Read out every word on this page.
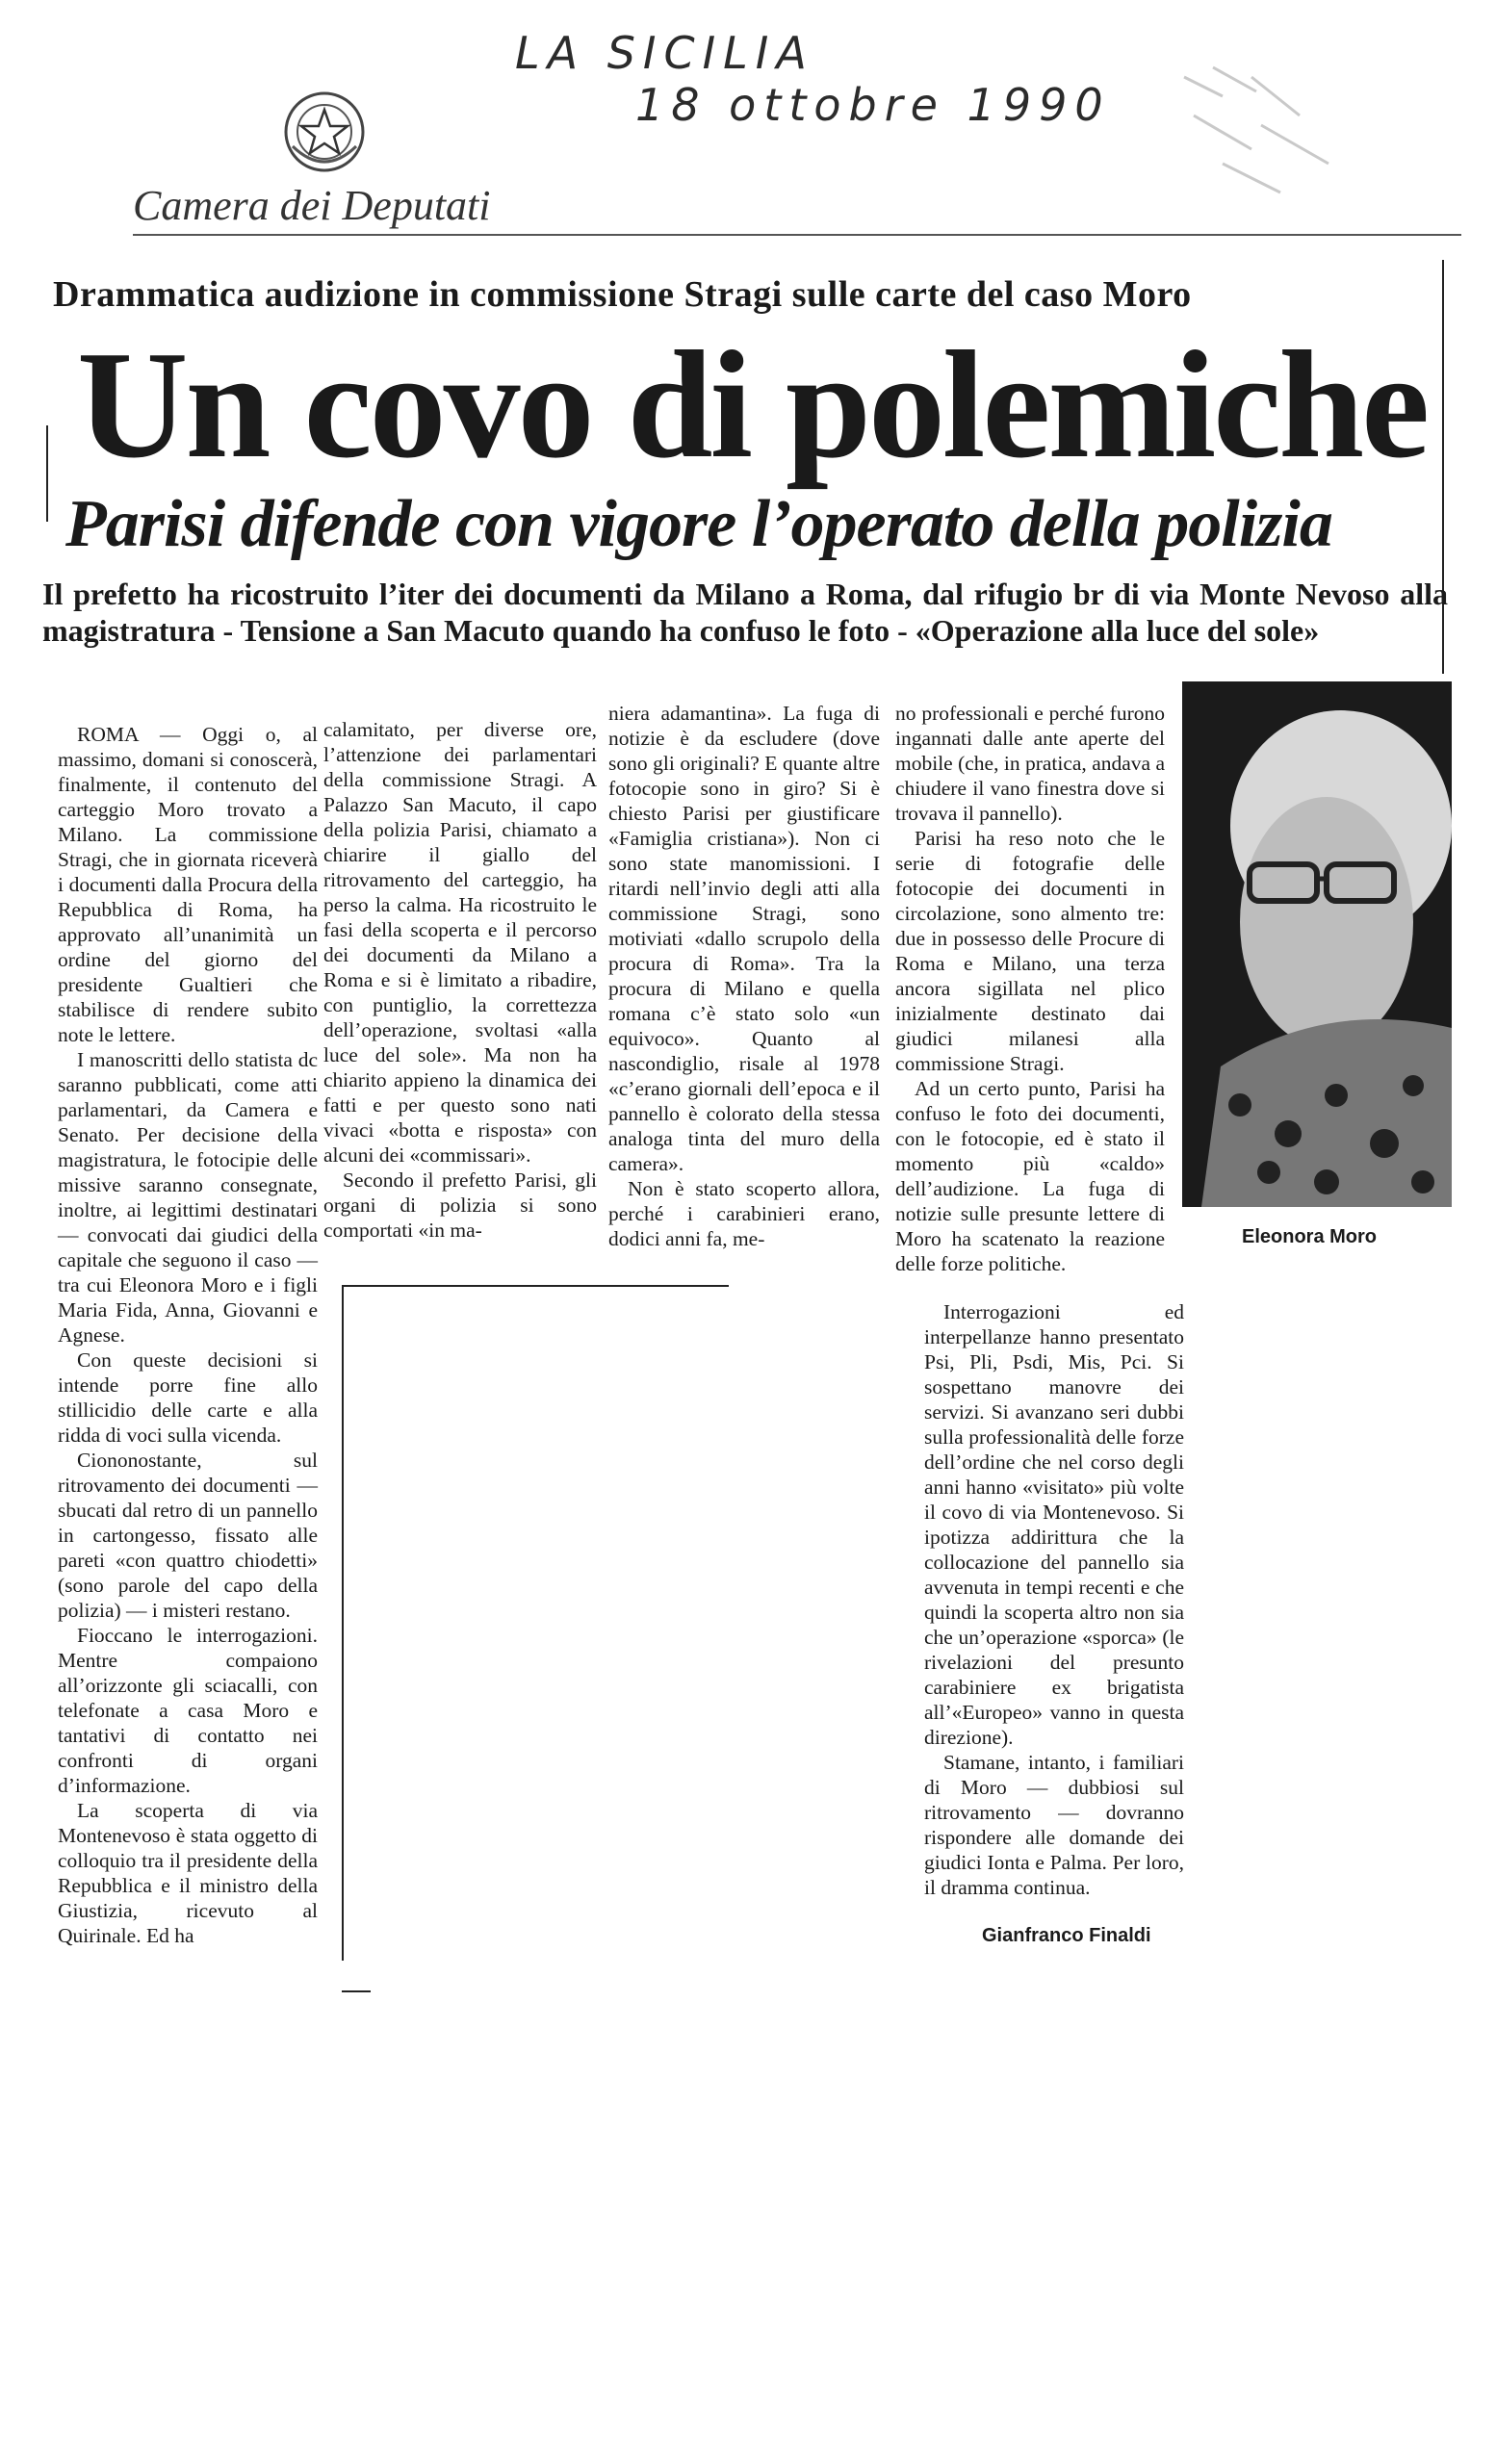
LA SICILIA
18 ottobre 1990
Camera dei Deputati
Drammatica audizione in commissione Stragi sulle carte del caso Moro
Un covo di polemiche
Parisi difende con vigore l’operato della polizia
Il prefetto ha ricostruito l’iter dei documenti da Milano a Roma, dal rifugio br di via Monte Nevoso alla magistratura - Tensione a San Macuto quando ha confuso le foto - «Operazione alla luce del sole»

ROMA — Oggi o, al massimo, domani si conoscerà, finalmente, il contenuto del carteggio Moro trovato a Milano. La commissione Stragi, che in giornata riceverà i documenti dalla Procura della Repubblica di Roma, ha approvato all’unanimità un ordine del giorno del presidente Gualtieri che stabilisce di rendere subito note le lettere.

I manoscritti dello statista dc saranno pubblicati, come atti parlamentari, da Camera e Senato. Per decisione della magistratura, le fotocipie delle missive saranno consegnate, inoltre, ai legittimi destinatari — convocati dai giudici della capitale che seguono il caso — tra cui Eleonora Moro e i figli Maria Fida, Anna, Giovanni e Agnese.

Con queste decisioni si intende porre fine allo stillicidio delle carte e alla ridda di voci sulla vicenda.

Ciononostante, sul ritrovamento dei documenti — sbucati dal retro di un pannello in cartongesso, fissato alle pareti «con quattro chiodetti» (sono parole del capo della polizia) — i misteri restano.

Fioccano le interrogazioni. Mentre compaiono all’orizzonte gli sciacalli, con telefonate a casa Moro e tantativi di contatto nei confronti di organi d’informazione.

La scoperta di via Montenevoso è stata oggetto di colloquio tra il presidente della Repubblica e il ministro della Giustizia, ricevuto al Quirinale. Ed ha

calamitato, per diverse ore, l’attenzione dei parlamentari della commissione Stragi. A Palazzo San Macuto, il capo della polizia Parisi, chiamato a chiarire il giallo del ritrovamento del carteggio, ha perso la calma. Ha ricostruito le fasi della scoperta e il percorso dei documenti da Milano a Roma e si è limitato a ribadire, con puntiglio, la correttezza dell’operazione, svoltasi «alla luce del sole». Ma non ha chiarito appieno la dinamica dei fatti e per questo sono nati vivaci «botta e risposta» con alcuni dei «commissari».

Secondo il prefetto Parisi, gli organi di polizia si sono comportati «in ma-

niera adamantina». La fuga di notizie è da escludere (dove sono gli originali? E quante altre fotocopie sono in giro? Si è chiesto Parisi per giustificare «Famiglia cristiana»). Non ci sono state manomissioni. I ritardi nell’invio degli atti alla commissione Stragi, sono motiviati «dallo scrupolo della procura di Roma». Tra la procura di Milano e quella romana c’è stato solo «un equivoco». Quanto al nascondiglio, risale al 1978 «c’erano giornali dell’epoca e il pannello è colorato della stessa analoga tinta del muro della camera».

Non è stato scoperto allora, perché i carabinieri erano, dodici anni fa, me-

no professionali e perché furono ingannati dalle ante aperte del mobile (che, in pratica, andava a chiudere il vano finestra dove si trovava il pannello).

Parisi ha reso noto che le serie di fotografie delle fotocopie dei documenti in circolazione, sono almento tre: due in possesso delle Procure di Roma e Milano, una terza ancora sigillata nel plico inizialmente destinato dai giudici milanesi alla commissione Stragi.

Ad un certo punto, Parisi ha confuso le foto dei documenti, con le fotocopie, ed è stato il momento più «caldo» dell’audizione. La fuga di notizie sulle presunte lettere di Moro ha scatenato la reazione delle forze politiche.

Eleonora Moro

Interrogazioni ed interpellanze hanno presentato Psi, Pli, Psdi, Mis, Pci. Si sospettano manovre dei servizi. Si avanzano seri dubbi sulla professionalità delle forze dell’ordine che nel corso degli anni hanno «visitato» più volte il covo di via Montenevoso. Si ipotizza addirittura che la collocazione del pannello sia avvenuta in tempi recenti e che quindi la scoperta altro non sia che un’operazione «sporca» (le rivelazioni del presunto carabiniere ex brigatista all’«Europeo» vanno in questa direzione).

Stamane, intanto, i familiari di Moro — dubbiosi sul ritrovamento — dovranno rispondere alle domande dei giudici Ionta e Palma. Per loro, il dramma continua.

Gianfranco Finaldi
